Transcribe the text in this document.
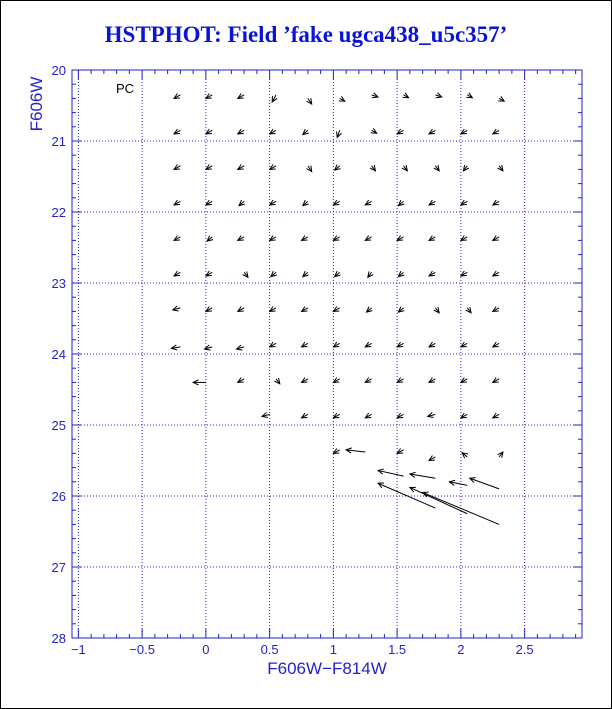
HSTPHOT: Field ’fake ugca438_u5c357’
−1	−0.5	0	0.5	1	1.5	2	2.5
20
21
22
23
24
25
26
27
28
F606W−F814W
F606W	PC
